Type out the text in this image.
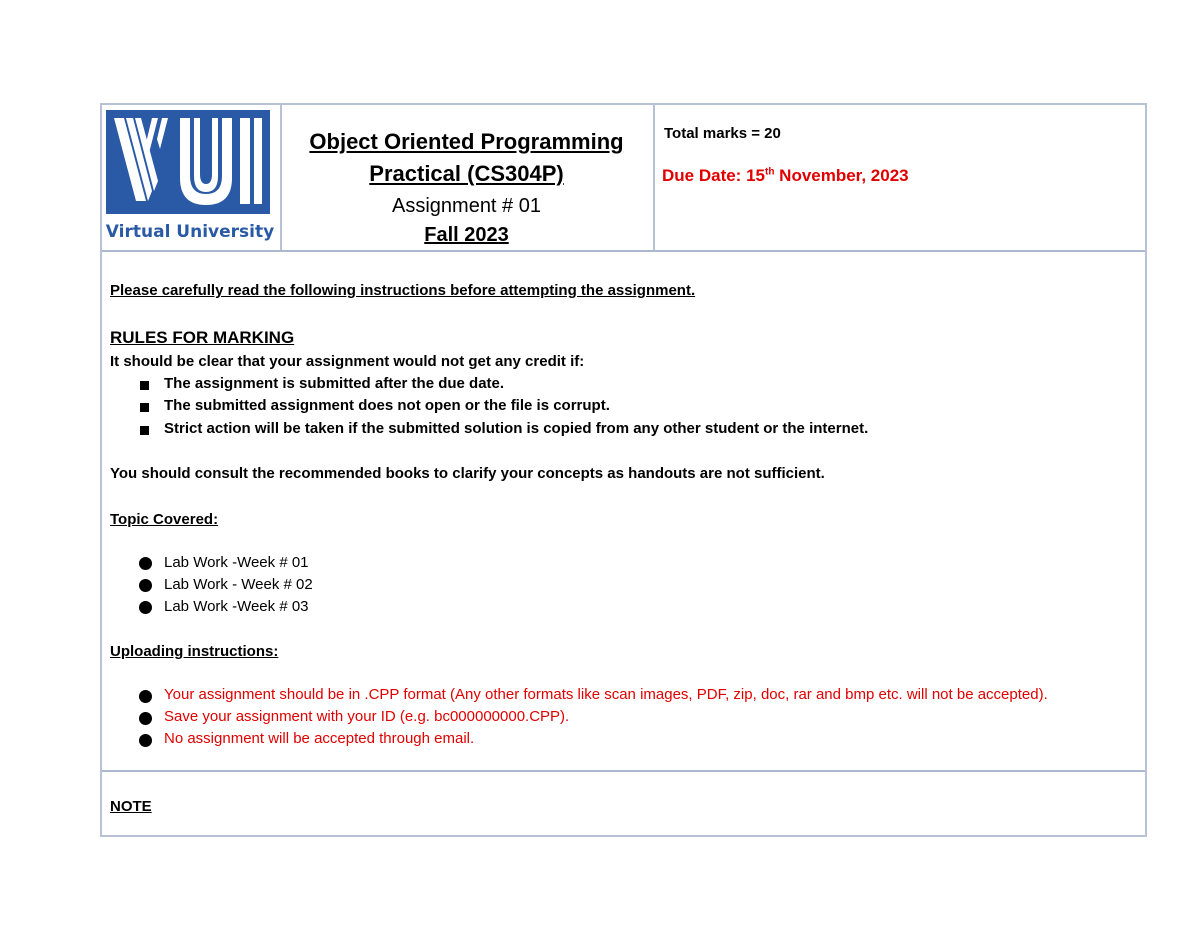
Virtual University
Object Oriented Programming
Practical (CS304P)
Assignment # 01
Fall 2023
Total marks = 20
Due Date: 15th November, 2023
Please carefully read the following instructions before attempting the assignment.
RULES FOR MARKING
It should be clear that your assignment would not get any credit if:
The assignment is submitted after the due date.
The submitted assignment does not open or the file is corrupt.
Strict action will be taken if the submitted solution is copied from any other student or the internet.
You should consult the recommended books to clarify your concepts as handouts are not sufficient.
Topic Covered:
Lab Work -Week # 01
Lab Work - Week # 02
Lab Work -Week # 03
Uploading instructions:
Your assignment should be in .CPP format (Any other formats like scan images, PDF, zip, doc, rar and bmp etc. will not be accepted).
Save your assignment with your ID (e.g. bc000000000.CPP).
No assignment will be accepted through email.
NOTE
